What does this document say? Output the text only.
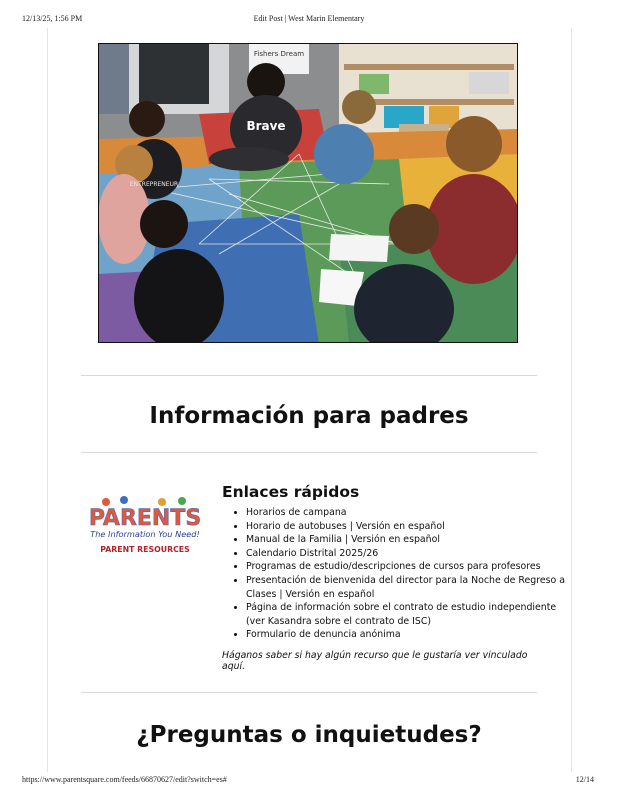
Edit Post | West Marin Elementary
12/13/25, 1:56 PM
Fishers Dream
Brave
ENTREPRENEUR
Información para padres
PARENTS
The Information You Need!
PARENT RESOURCES
Enlaces rápidos
• Horarios de campana
• Horario de autobuses | Versión en español
• Manual de la Familia | Versión en español
• Calendario Distrital 2025/26
• Programas de estudio/descripciones de cursos para profesores
• Presentación de bienvenida del director para la Noche de Regreso a Clases | Versión en español
• Página de información sobre el contrato de estudio independiente (ver Kasandra sobre el contrato de ISC)
• Formulario de denuncia anónima
Háganos saber si hay algún recurso que le gustaría ver vinculado aquí.
¿Preguntas o inquietudes?
https://www.parentsquare.com/feeds/66870627/edit?switch=es#	12/14
